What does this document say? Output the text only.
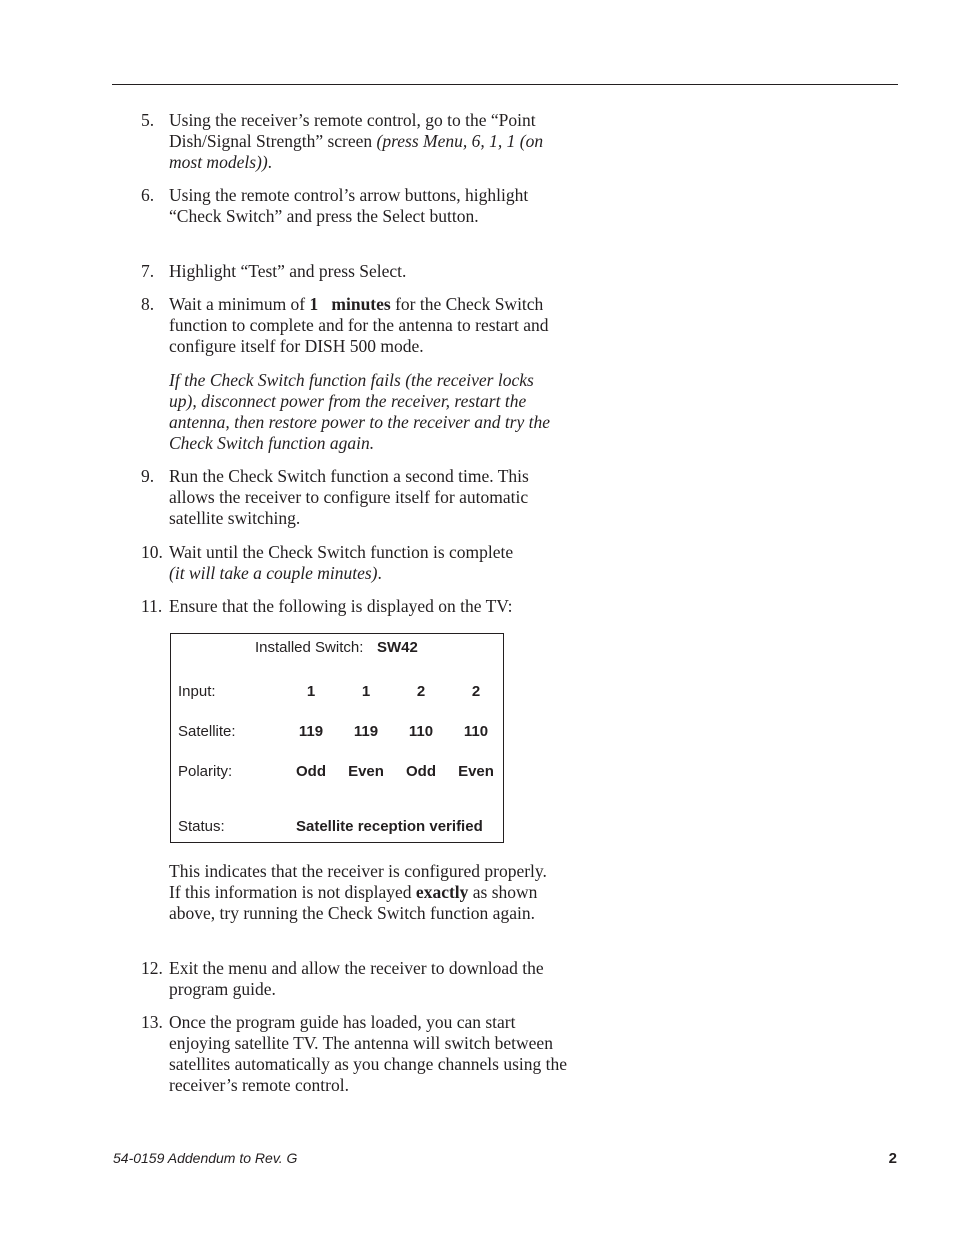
5. Using the receiver’s remote control, go to the “Point Dish/Signal Strength” screen (press Menu, 6, 1, 1 (on most models)).
6. Using the remote control’s arrow buttons, highlight “Check Switch” and press the Select button.
7. Highlight “Test” and press Select.
8. Wait a minimum of 1   minutes for the Check Switch function to complete and for the antenna to restart and configure itself for DISH 500 mode.
If the Check Switch function fails (the receiver locks up), disconnect power from the receiver, restart the antenna, then restore power to the receiver and try the Check Switch function again.
9. Run the Check Switch function a second time. This allows the receiver to configure itself for automatic satellite switching.
10. Wait until the Check Switch function is complete
(it will take a couple minutes).
11. Ensure that the following is displayed on the TV:
Installed Switch: SW42
Input:	1	1	2	2
Satellite:	119	119	110	110
Polarity:	Odd	Even	Odd	Even
Status:	Satellite reception verified
This indicates that the receiver is configured properly. If this information is not displayed exactly as shown above, try running the Check Switch function again.
12. Exit the menu and allow the receiver to download the program guide.
13. Once the program guide has loaded, you can start enjoying satellite TV. The antenna will switch between satellites automatically as you change channels using the receiver’s remote control.
54-0159 Addendum to Rev. G	2
